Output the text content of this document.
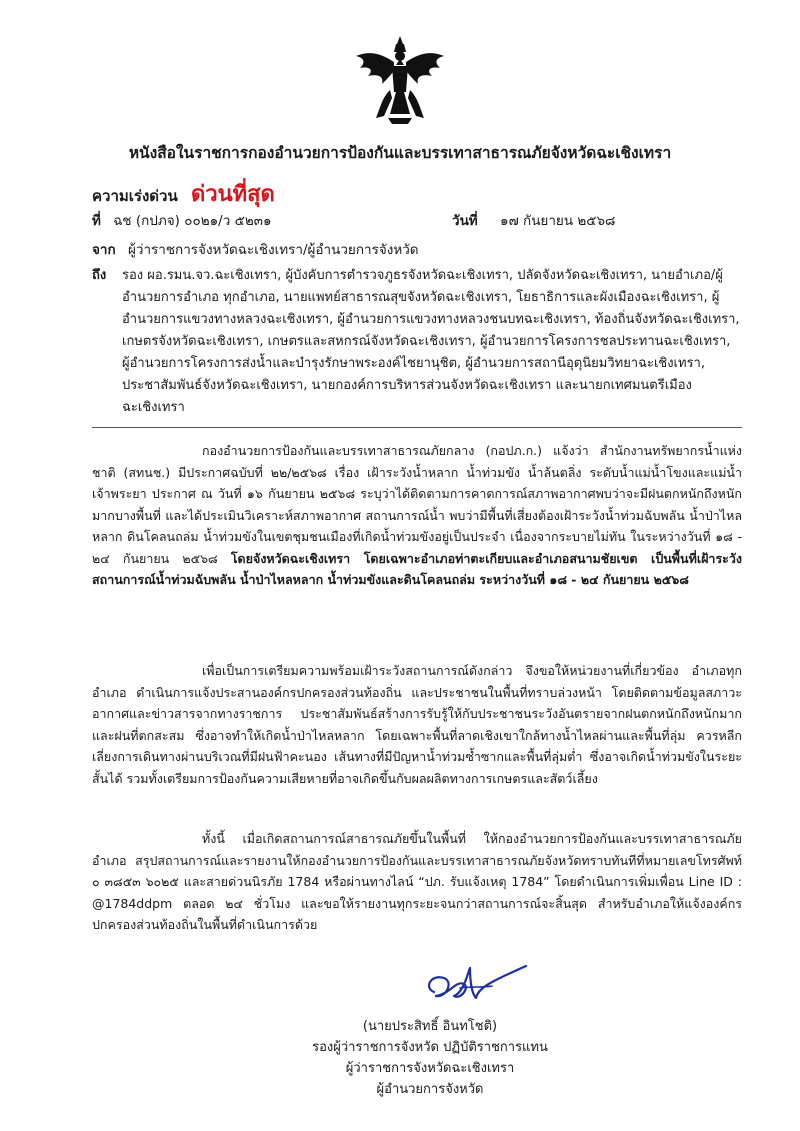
หนังสือในราชการกองอำนวยการป้องกันและบรรเทาสาธารณภัยจังหวัดฉะเชิงเทรา
ความเร่งด่วน ด่วนที่สุด
ที่ ฉช (กปภจ) ๐๐๒๑/ว ๕๒๓๑	วันที่ ๑๗ กันยายน ๒๕๖๘
จาก ผู้ว่าราชการจังหวัดฉะเชิงเทรา/ผู้อำนวยการจังหวัด
ถึง รอง ผอ.รมน.จว.ฉะเชิงเทรา, ผู้บังคับการตำรวจภูธรจังหวัดฉะเชิงเทรา, ปลัดจังหวัดฉะเชิงเทรา, นายอำเภอ/ผู้อำนวยการอำเภอ ทุกอำเภอ, นายแพทย์สาธารณสุขจังหวัดฉะเชิงเทรา, โยธาธิการและผังเมืองฉะเชิงเทรา, ผู้อำนวยการแขวงทางหลวงฉะเชิงเทรา, ผู้อำนวยการแขวงทางหลวงชนบทฉะเชิงเทรา, ท้องถิ่นจังหวัดฉะเชิงเทรา, เกษตรจังหวัดฉะเชิงเทรา, เกษตรและสหกรณ์จังหวัดฉะเชิงเทรา, ผู้อำนวยการโครงการชลประทานฉะเชิงเทรา, ผู้อำนวยการโครงการส่งน้ำและบำรุงรักษาพระองค์ไชยานุชิต, ผู้อำนวยการสถานีอุตุนิยมวิทยาฉะเชิงเทรา, ประชาสัมพันธ์จังหวัดฉะเชิงเทรา, นายกองค์การบริหารส่วนจังหวัดฉะเชิงเทรา และนายกเทศมนตรีเมืองฉะเชิงเทรา
กองอำนวยการป้องกันและบรรเทาสาธารณภัยกลาง (กอปภ.ก.) แจ้งว่า สำนักงานทรัพยากรน้ำแห่งชาติ (สทนช.) มีประกาศฉบับที่ ๒๒/๒๕๖๘ เรื่อง เฝ้าระวังน้ำหลาก น้ำท่วมขัง น้ำล้นตลิ่ง ระดับน้ำแม่น้ำโขงและแม่น้ำเจ้าพระยา ประกาศ ณ วันที่ ๑๖ กันยายน ๒๕๖๘ ระบุว่าได้ติดตามการคาดการณ์สภาพอากาศพบว่าจะมีฝนตกหนักถึงหนักมากบางพื้นที่ และได้ประเมินวิเคราะห์สภาพอากาศ สถานการณ์น้ำ พบว่ามีพื้นที่เสี่ยงต้องเฝ้าระวังน้ำท่วมฉับพลัน น้ำป่าไหลหลาก ดินโคลนถล่ม น้ำท่วมขังในเขตชุมชนเมืองที่เกิดน้ำท่วมขังอยู่เป็นประจำ เนื่องจากระบายไม่ทัน ในระหว่างวันที่ ๑๘ - ๒๔ กันยายน ๒๕๖๘ โดยจังหวัดฉะเชิงเทรา โดยเฉพาะอำเภอท่าตะเกียบและอำเภอสนามชัยเขต เป็นพื้นที่เฝ้าระวังสถานการณ์น้ำท่วมฉับพลัน น้ำป่าไหลหลาก น้ำท่วมขังและดินโคลนถล่ม ระหว่างวันที่ ๑๘ - ๒๔ กันยายน ๒๕๖๘
เพื่อเป็นการเตรียมความพร้อมเฝ้าระวังสถานการณ์ดังกล่าว จึงขอให้หน่วยงานที่เกี่ยวข้อง อำเภอทุกอำเภอ ดำเนินการแจ้งประสานองค์กรปกครองส่วนท้องถิ่น และประชาชนในพื้นที่ทราบล่วงหน้า โดยติดตามข้อมูลสภาวะอากาศและข่าวสารจากทางราชการ ประชาสัมพันธ์สร้างการรับรู้ให้กับประชาชนระวังอันตรายจากฝนตกหนักถึงหนักมาก และฝนที่ตกสะสม ซึ่งอาจทำให้เกิดน้ำป่าไหลหลาก โดยเฉพาะพื้นที่ลาดเชิงเขาใกล้ทางน้ำไหลผ่านและพื้นที่ลุ่ม ควรหลีกเลี่ยงการเดินทางผ่านบริเวณที่มีฝนฟ้าคะนอง เส้นทางที่มีปัญหาน้ำท่วมซ้ำซากและพื้นที่ลุ่มต่ำ ซึ่งอาจเกิดน้ำท่วมขังในระยะสั้นได้ รวมทั้งเตรียมการป้องกันความเสียหายที่อาจเกิดขึ้นกับผลผลิตทางการเกษตรและสัตว์เลี้ยง
ทั้งนี้ เมื่อเกิดสถานการณ์สาธารณภัยขึ้นในพื้นที่ ให้กองอำนวยการป้องกันและบรรเทาสาธารณภัยอำเภอ สรุปสถานการณ์และรายงานให้กองอำนวยการป้องกันและบรรเทาสาธารณภัยจังหวัดทราบทันทีที่หมายเลขโทรศัพท์ ๐ ๓๘๕๓ ๖๐๒๕ และสายด่วนนิรภัย 1784 หรือผ่านทางไลน์ “ปภ. รับแจ้งเหตุ 1784” โดยดำเนินการเพิ่มเพื่อน Line ID : @1784ddpm ตลอด ๒๔ ชั่วโมง และขอให้รายงานทุกระยะจนกว่าสถานการณ์จะสิ้นสุด สำหรับอำเภอให้แจ้งองค์กรปกครองส่วนท้องถิ่นในพื้นที่ดำเนินการด้วย
(นายประสิทธิ์ อินทโชติ)
รองผู้ว่าราชการจังหวัด ปฏิบัติราชการแทน
ผู้ว่าราชการจังหวัดฉะเชิงเทรา
ผู้อำนวยการจังหวัด
